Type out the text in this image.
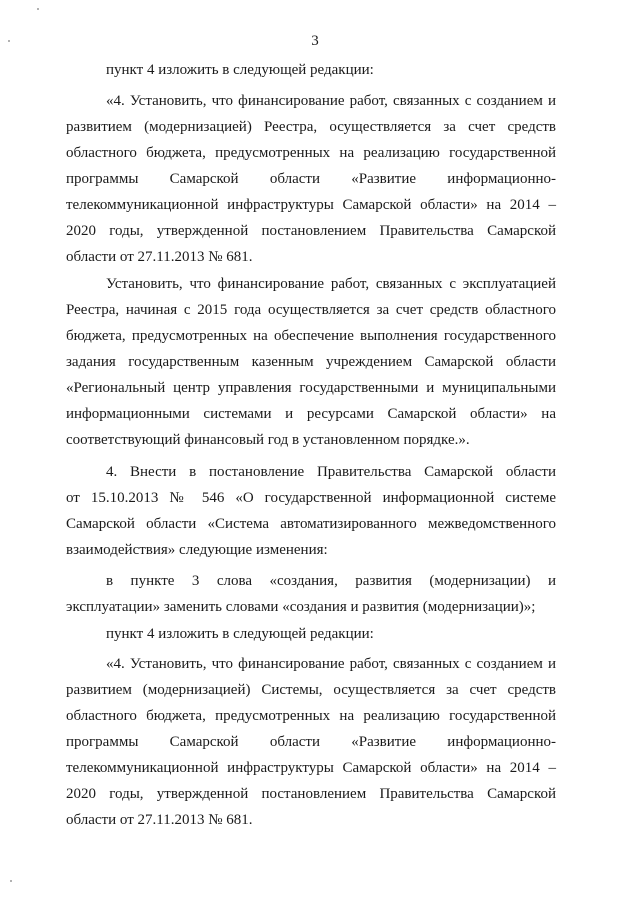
3
пункт 4 изложить в следующей редакции:
«4. Установить, что финансирование работ, связанных с созданием и
развитием (модернизацией) Реестра, осуществляется за счет средств
областного бюджета, предусмотренных на реализацию государственной
программы Самарской области «Развитие информационно-
телекоммуникационной инфраструктуры Самарской области» на 2014 –
2020 годы, утвержденной постановлением Правительства Самарской
области от 27.11.2013 № 681.
Установить, что финансирование работ, связанных с эксплуатацией
Реестра, начиная с 2015 года осуществляется за счет средств областного
бюджета, предусмотренных на обеспечение выполнения государственного
задания государственным казенным учреждением Самарской области
«Региональный центр управления государственными и муниципальными
информационными системами и ресурсами Самарской области» на
соответствующий финансовый год в установленном порядке.».
4. Внести в постановление Правительства Самарской области
от 15.10.2013 № 546 «О государственной информационной системе
Самарской области «Система автоматизированного межведомственного
взаимодействия» следующие изменения:
в пункте 3 слова «создания, развития (модернизации) и
эксплуатации» заменить словами «создания и развития (модернизации)»;
пункт 4 изложить в следующей редакции:
«4. Установить, что финансирование работ, связанных с созданием и
развитием (модернизацией) Системы, осуществляется за счет средств
областного бюджета, предусмотренных на реализацию государственной
программы Самарской области «Развитие информационно-
телекоммуникационной инфраструктуры Самарской области» на 2014 –
2020 годы, утвержденной постановлением Правительства Самарской
области от 27.11.2013 № 681.
